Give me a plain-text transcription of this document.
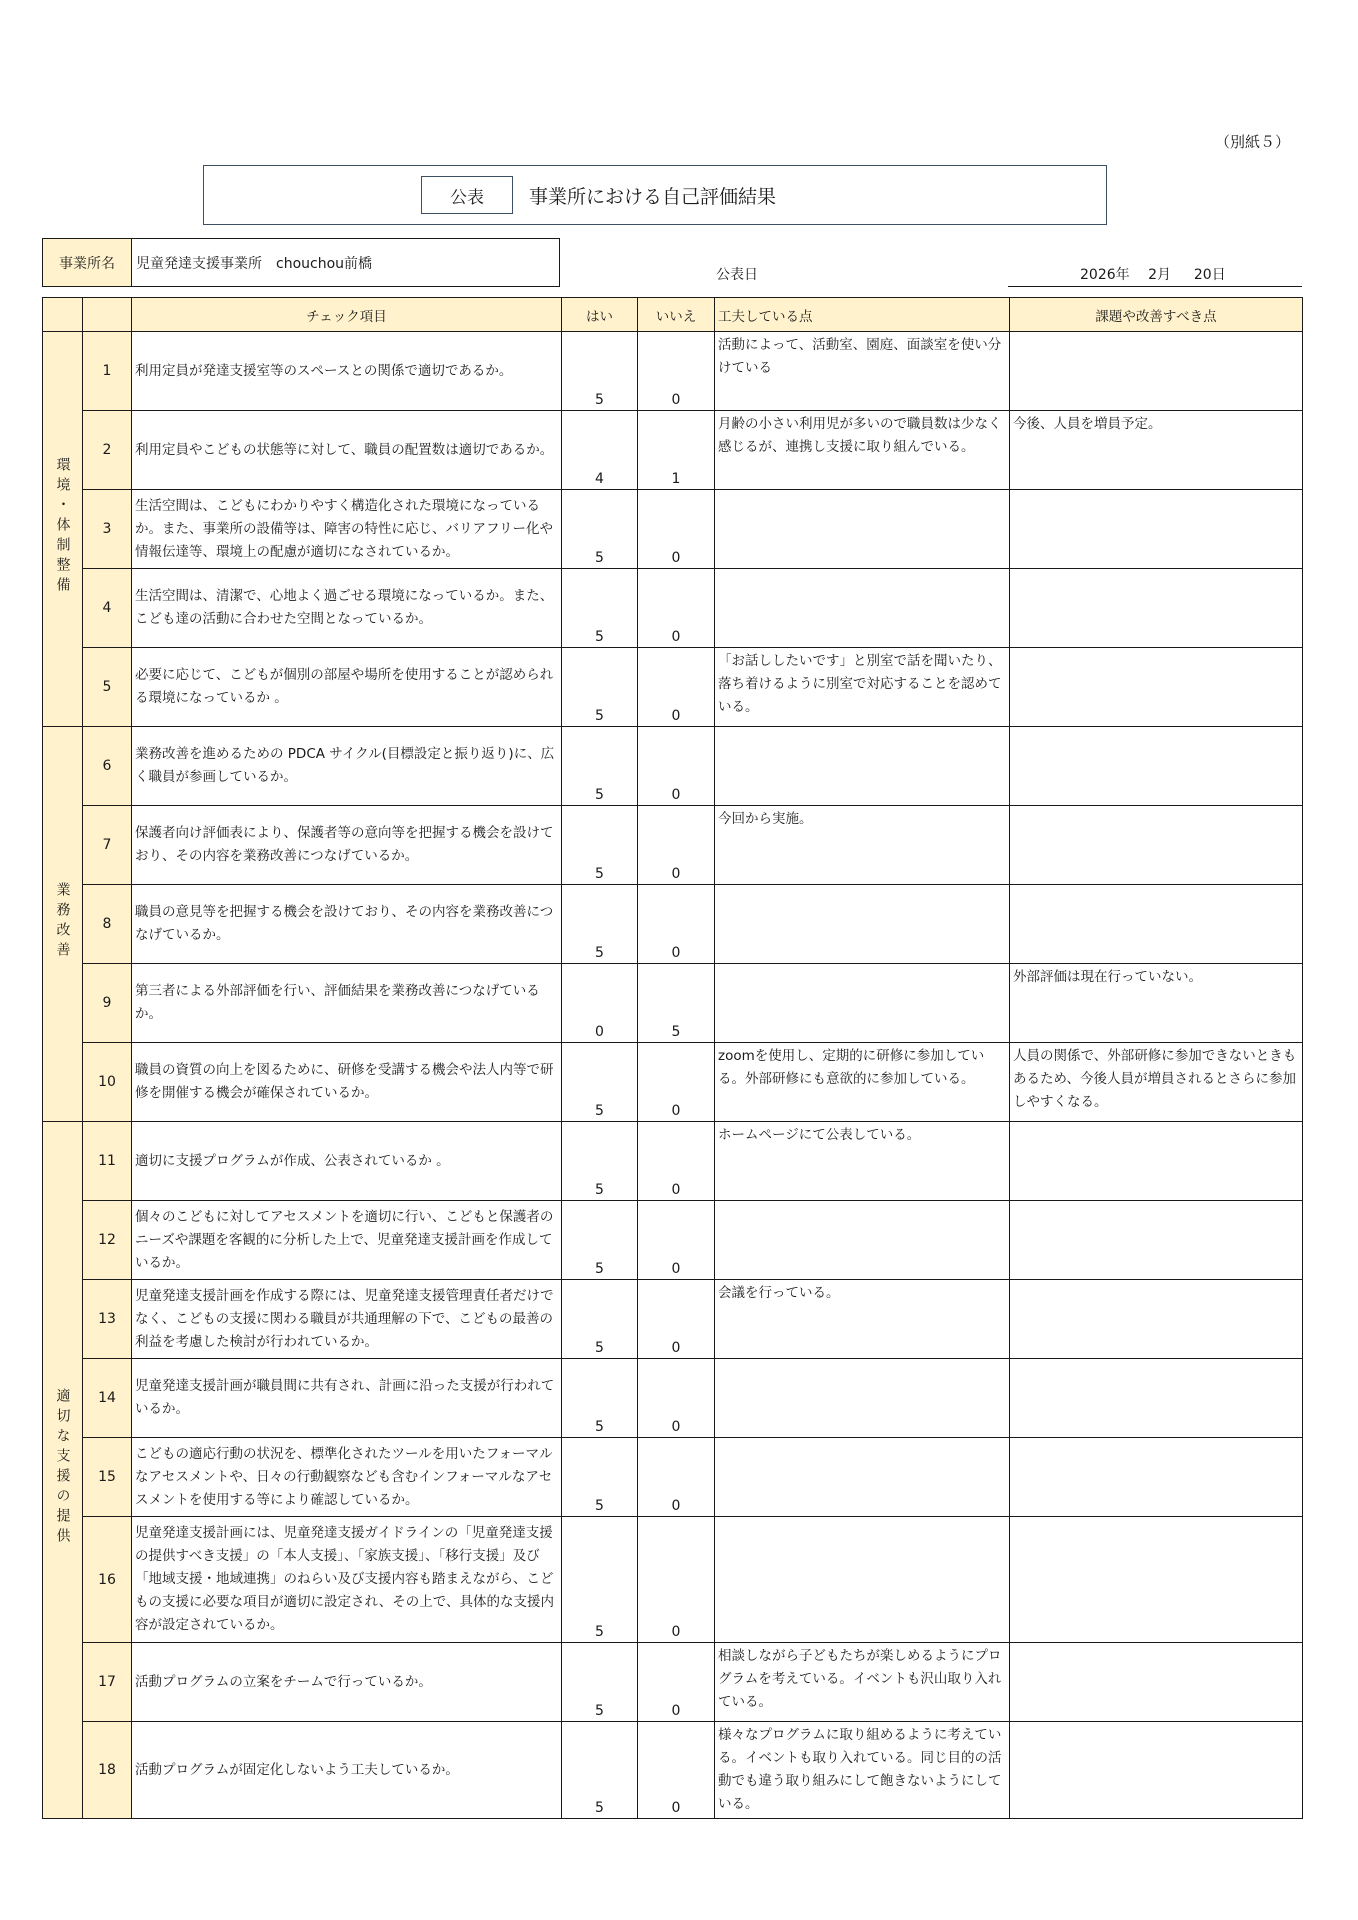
（別紙５）
公表	事業所における自己評価結果
事業所名	児童発達支援事業所　chouchou前橋
公表日	2026年　 2月　  20日
		チェック項目	はい	いいえ	工夫している点	課題や改善すべき点
環境・体制整備	1	利用定員が発達支援室等のスペースとの関係で適切であるか。	5	0	活動によって、活動室、園庭、面談室を使い分けている	
	2	利用定員やこどもの状態等に対して、職員の配置数は適切であるか。	4	1	月齢の小さい利用児が多いので職員数は少なく感じるが、連携し支援に取り組んでいる。	今後、人員を増員予定。
	3	生活空間は、こどもにわかりやすく構造化された環境になっているか。また、事業所の設備等は、障害の特性に応じ、バリアフリー化や情報伝達等、環境上の配慮が適切になされているか。	5	0		
	4	生活空間は、清潔で、心地よく過ごせる環境になっているか。また、こども達の活動に合わせた空間となっているか。	5	0		
	5	必要に応じて、こどもが個別の部屋や場所を使用することが認められる環境になっているか 。	5	0	「お話ししたいです」と別室で話を聞いたり、落ち着けるように別室で対応することを認めている。	
業務改善	6	業務改善を進めるための PDCA サイクル(目標設定と振り返り)に、広く職員が参画しているか。	5	0		
	7	保護者向け評価表により、保護者等の意向等を把握する機会を設けており、その内容を業務改善につなげているか。	5	0	今回から実施。	
	8	職員の意見等を把握する機会を設けており、その内容を業務改善につなげているか。	5	0		
	9	第三者による外部評価を行い、評価結果を業務改善につなげているか。	0	5		外部評価は現在行っていない。
	10	職員の資質の向上を図るために、研修を受講する機会や法人内等で研修を開催する機会が確保されているか。	5	0	zoomを使用し、定期的に研修に参加している。外部研修にも意欲的に参加している。	人員の関係で、外部研修に参加できないときもあるため、今後人員が増員されるとさらに参加しやすくなる。
適切な支援の提供	11	適切に支援プログラムが作成、公表されているか 。	5	0	ホームページにて公表している。	
	12	個々のこどもに対してアセスメントを適切に行い、こどもと保護者のニーズや課題を客観的に分析した上で、児童発達支援計画を作成しているか。	5	0		
	13	児童発達支援計画を作成する際には、児童発達支援管理責任者だけでなく、こどもの支援に関わる職員が共通理解の下で、こどもの最善の利益を考慮した検討が行われているか。	5	0	会議を行っている。	
	14	児童発達支援計画が職員間に共有され、計画に沿った支援が行われているか。	5	0		
	15	こどもの適応行動の状況を、標準化されたツールを用いたフォーマルなアセスメントや、日々の行動観察なども含むインフォーマルなアセスメントを使用する等により確認しているか。	5	0		
	16	児童発達支援計画には、児童発達支援ガイドラインの「児童発達支援の提供すべき支援」の「本人支援」、「家族支援」、「移行支援」及び「地域支援・地域連携」のねらい及び支援内容も踏まえながら、こどもの支援に必要な項目が適切に設定され、その上で、具体的な支援内容が設定されているか。	5	0		
	17	活動プログラムの立案をチームで行っているか。	5	0	相談しながら子どもたちが楽しめるようにプログラムを考えている。イベントも沢山取り入れている。	
	18	活動プログラムが固定化しないよう工夫しているか。	5	0	様々なプログラムに取り組めるように考えている。イベントも取り入れている。同じ目的の活動でも違う取り組みにして飽きないようにしている。	
